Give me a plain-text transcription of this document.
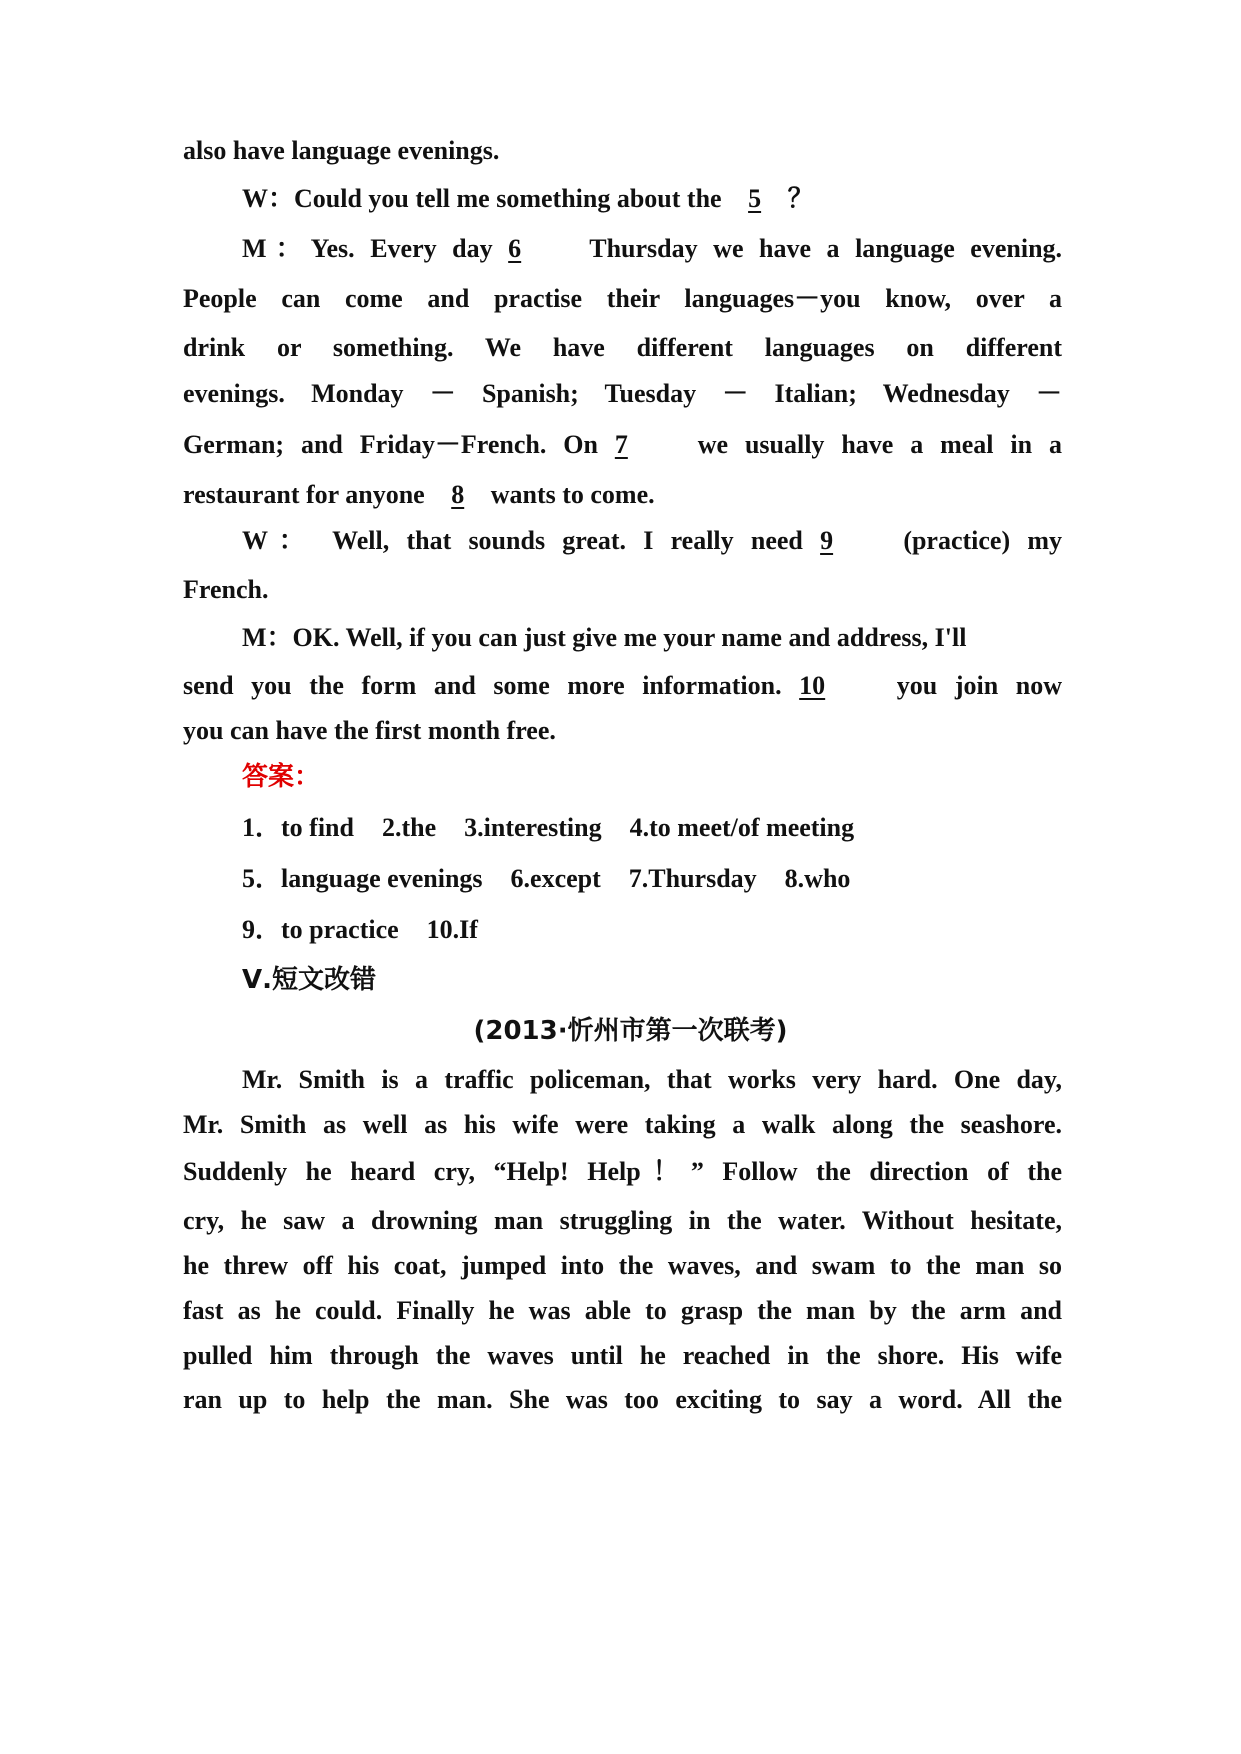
also have language evenings.
W：Could you tell me something about the 5 ？
M：Yes. Every day 6	Thursday we have a language evening.
People can come and practise their languages－you know, over a
drink or something. We have different languages on different
evenings. Monday － Spanish; Tuesday － Italian; Wednesday －
German; and Friday－French. On 7	we usually have a meal in a
restaurant for anyone 8 wants to come.
W： Well, that sounds great. I really need 9	(practice) my
French.
M：OK. Well, if you can just give me your name and address, I'll
send you the form and some more information. 10	you join now
you can have the first month free.
答案：
1．to find 2.the 3.interesting 4.to meet/of meeting
5．language evenings 6.except 7.Thursday 8.who
9．to practice 10.If
Ⅴ.短文改错
(2013·忻州市第一次联考)
Mr. Smith is a traffic policeman, that works very hard. One day,
Mr. Smith as well as his wife were taking a walk along the seashore.
Suddenly he heard cry, “Help! Help！” Follow the direction of the
cry, he saw a drowning man struggling in the water. Without hesitate,
he threw off his coat, jumped into the waves, and swam to the man so
fast as he could. Finally he was able to grasp the man by the arm and
pulled him through the waves until he reached in the shore. His wife
ran up to help the man. She was too exciting to say a word. All the
